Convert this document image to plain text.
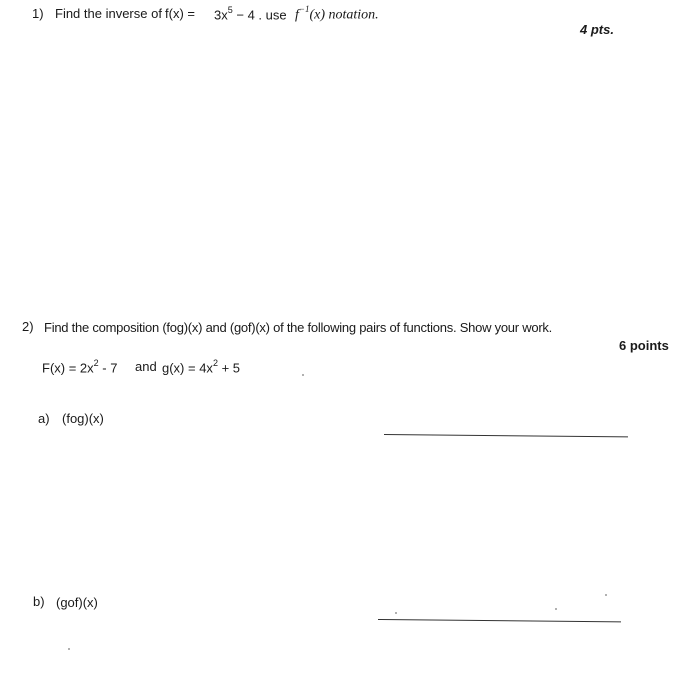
1) Find the inverse of $f(x) = 3x^5 - 4$ . use $f^{-1}(x)$ notation.
4 pts.
2) Find the composition (fog)(x) and (gof)(x) of the following pairs of functions. Show your work.
6 points
$F(x) = 2x^2 - 7$ and $g(x) = 4x^2 + 5$
a) (fog)(x)
b) (gof)(x)
